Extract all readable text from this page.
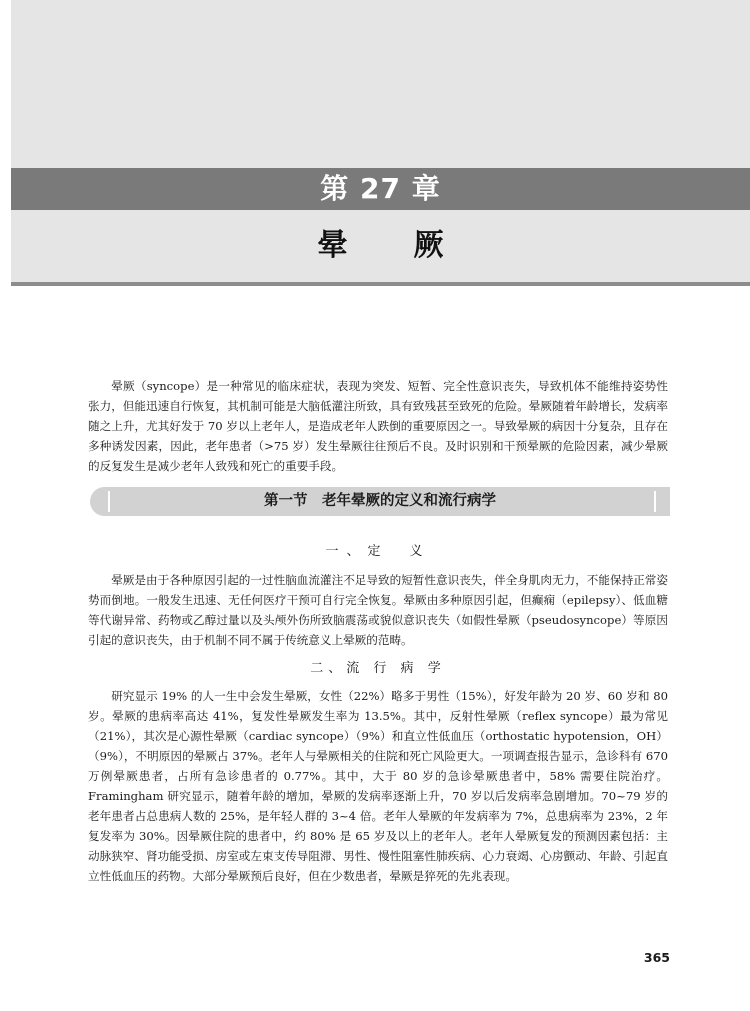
第 27 章
晕厥

晕厥（syncope）是一种常见的临床症状，表现为突发、短暂、完全性意识丧失，导致机体不能维持姿势性张力，但能迅速自行恢复，其机制可能是大脑低灌注所致，具有致残甚至致死的危险。晕厥随着年龄增长，发病率随之上升，尤其好发于 70 岁以上老年人，是造成老年人跌倒的重要原因之一。导致晕厥的病因十分复杂，且存在多种诱发因素，因此，老年患者（>75 岁）发生晕厥往往预后不良。及时识别和干预晕厥的危险因素，减少晕厥的反复发生是减少老年人致残和死亡的重要手段。

第一节　老年晕厥的定义和流行病学
一、定　义

晕厥是由于各种原因引起的一过性脑血流灌注不足导致的短暂性意识丧失，伴全身肌肉无力，不能保持正常姿势而倒地。一般发生迅速、无任何医疗干预可自行完全恢复。晕厥由多种原因引起，但癫痫（epilepsy）、低血糖等代谢异常、药物或乙醇过量以及头颅外伤所致脑震荡或貌似意识丧失（如假性晕厥（pseudosyncope）等原因引起的意识丧失，由于机制不同不属于传统意义上晕厥的范畴。

二、流 行 病 学

研究显示 19% 的人一生中会发生晕厥，女性（22%）略多于男性（15%），好发年龄为 20 岁、60 岁和 80 岁。晕厥的患病率高达 41%，复发性晕厥发生率为 13.5%。其中，反射性晕厥（reflex syncope）最为常见（21%），其次是心源性晕厥（cardiac syncope）（9%）和直立性低血压（orthostatic hypotension，OH）（9%），不明原因的晕厥占 37%。老年人与晕厥相关的住院和死亡风险更大。一项调查报告显示，急诊科有 670 万例晕厥患者，占所有急诊患者的 0.77%。其中，大于 80 岁的急诊晕厥患者中，58% 需要住院治疗。Framingham 研究显示，随着年龄的增加，晕厥的发病率逐渐上升，70 岁以后发病率急剧增加。70~79 岁的老年患者占总患病人数的 25%，是年轻人群的 3~4 倍。老年人晕厥的年发病率为 7%，总患病率为 23%，2 年复发率为 30%。因晕厥住院的患者中，约 80% 是 65 岁及以上的老年人。老年人晕厥复发的预测因素包括：主动脉狭窄、肾功能受损、房室或左束支传导阻滞、男性、慢性阻塞性肺疾病、心力衰竭、心房颤动、年龄、引起直立性低血压的药物。大部分晕厥预后良好，但在少数患者，晕厥是猝死的先兆表现。

365
